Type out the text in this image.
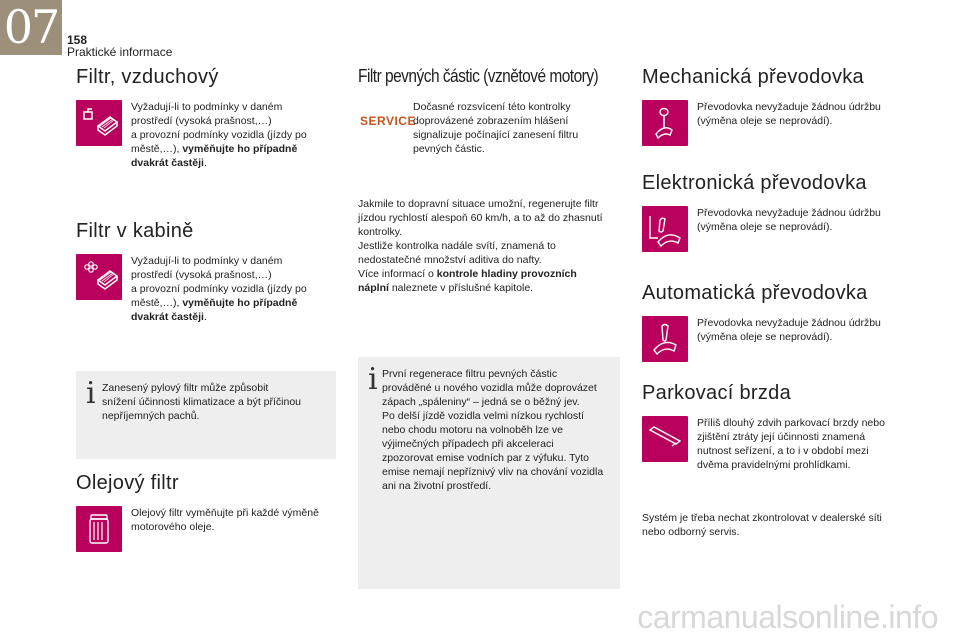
07 158
Praktické informace
Filtr, vzduchový
Vyžadují-li to podmínky v daném
prostředí (vysoká prašnost,…)
a provozní podmínky vozidla (jízdy po
městě,…), vyměňujte ho případně
dvakrát častěji.
Filtr v kabině
Vyžadují-li to podmínky v daném
prostředí (vysoká prašnost,…)
a provozní podmínky vozidla (jízdy po
městě,…), vyměňujte ho případně
dvakrát častěji.
i Zanesený pylový filtr může způsobit
snížení účinnosti klimatizace a být příčinou
nepříjemných pachů.
Olejový filtr
Olejový filtr vyměňujte při každé výměně
motorového oleje.
Filtr pevných částic (vznětové motory)
SERVICE
Dočasné rozsvícení této kontrolky
doprovázené zobrazením hlášení
signalizuje počínající zanesení filtru
pevných částic.
Jakmile to dopravní situace umožní, regenerujte filtr
jízdou rychlostí alespoň 60 km/h, a to až do zhasnutí
kontrolky.
Jestliže kontrolka nadále svítí, znamená to
nedostatečné množství aditiva do nafty.
Více informací o kontrole hladiny provozních
náplní naleznete v příslušné kapitole.
i První regenerace filtru pevných částic
prováděné u nového vozidla může doprovázet
zápach „spáleniny“ – jedná se o běžný jev.
Po delší jízdě vozidla velmi nízkou rychlostí
nebo chodu motoru na volnoběh lze ve
výjimečných případech při akceleraci
zpozorovat emise vodních par z výfuku. Tyto
emise nemají nepříznivý vliv na chování vozidla
ani na životní prostředí.
Mechanická převodovka
Převodovka nevyžaduje žádnou údržbu
(výměna oleje se neprovádí).
Elektronická převodovka
Převodovka nevyžaduje žádnou údržbu
(výměna oleje se neprovádí).
Automatická převodovka
Převodovka nevyžaduje žádnou údržbu
(výměna oleje se neprovádí).
Parkovací brzda
Příliš dlouhý zdvih parkovací brzdy nebo
zjištění ztráty její účinnosti znamená
nutnost seřízení, a to i v období mezi
dvěma pravidelnými prohlídkami.
Systém je třeba nechat zkontrolovat v dealerské síti
nebo odborný servis.
carmanualsonline.info
